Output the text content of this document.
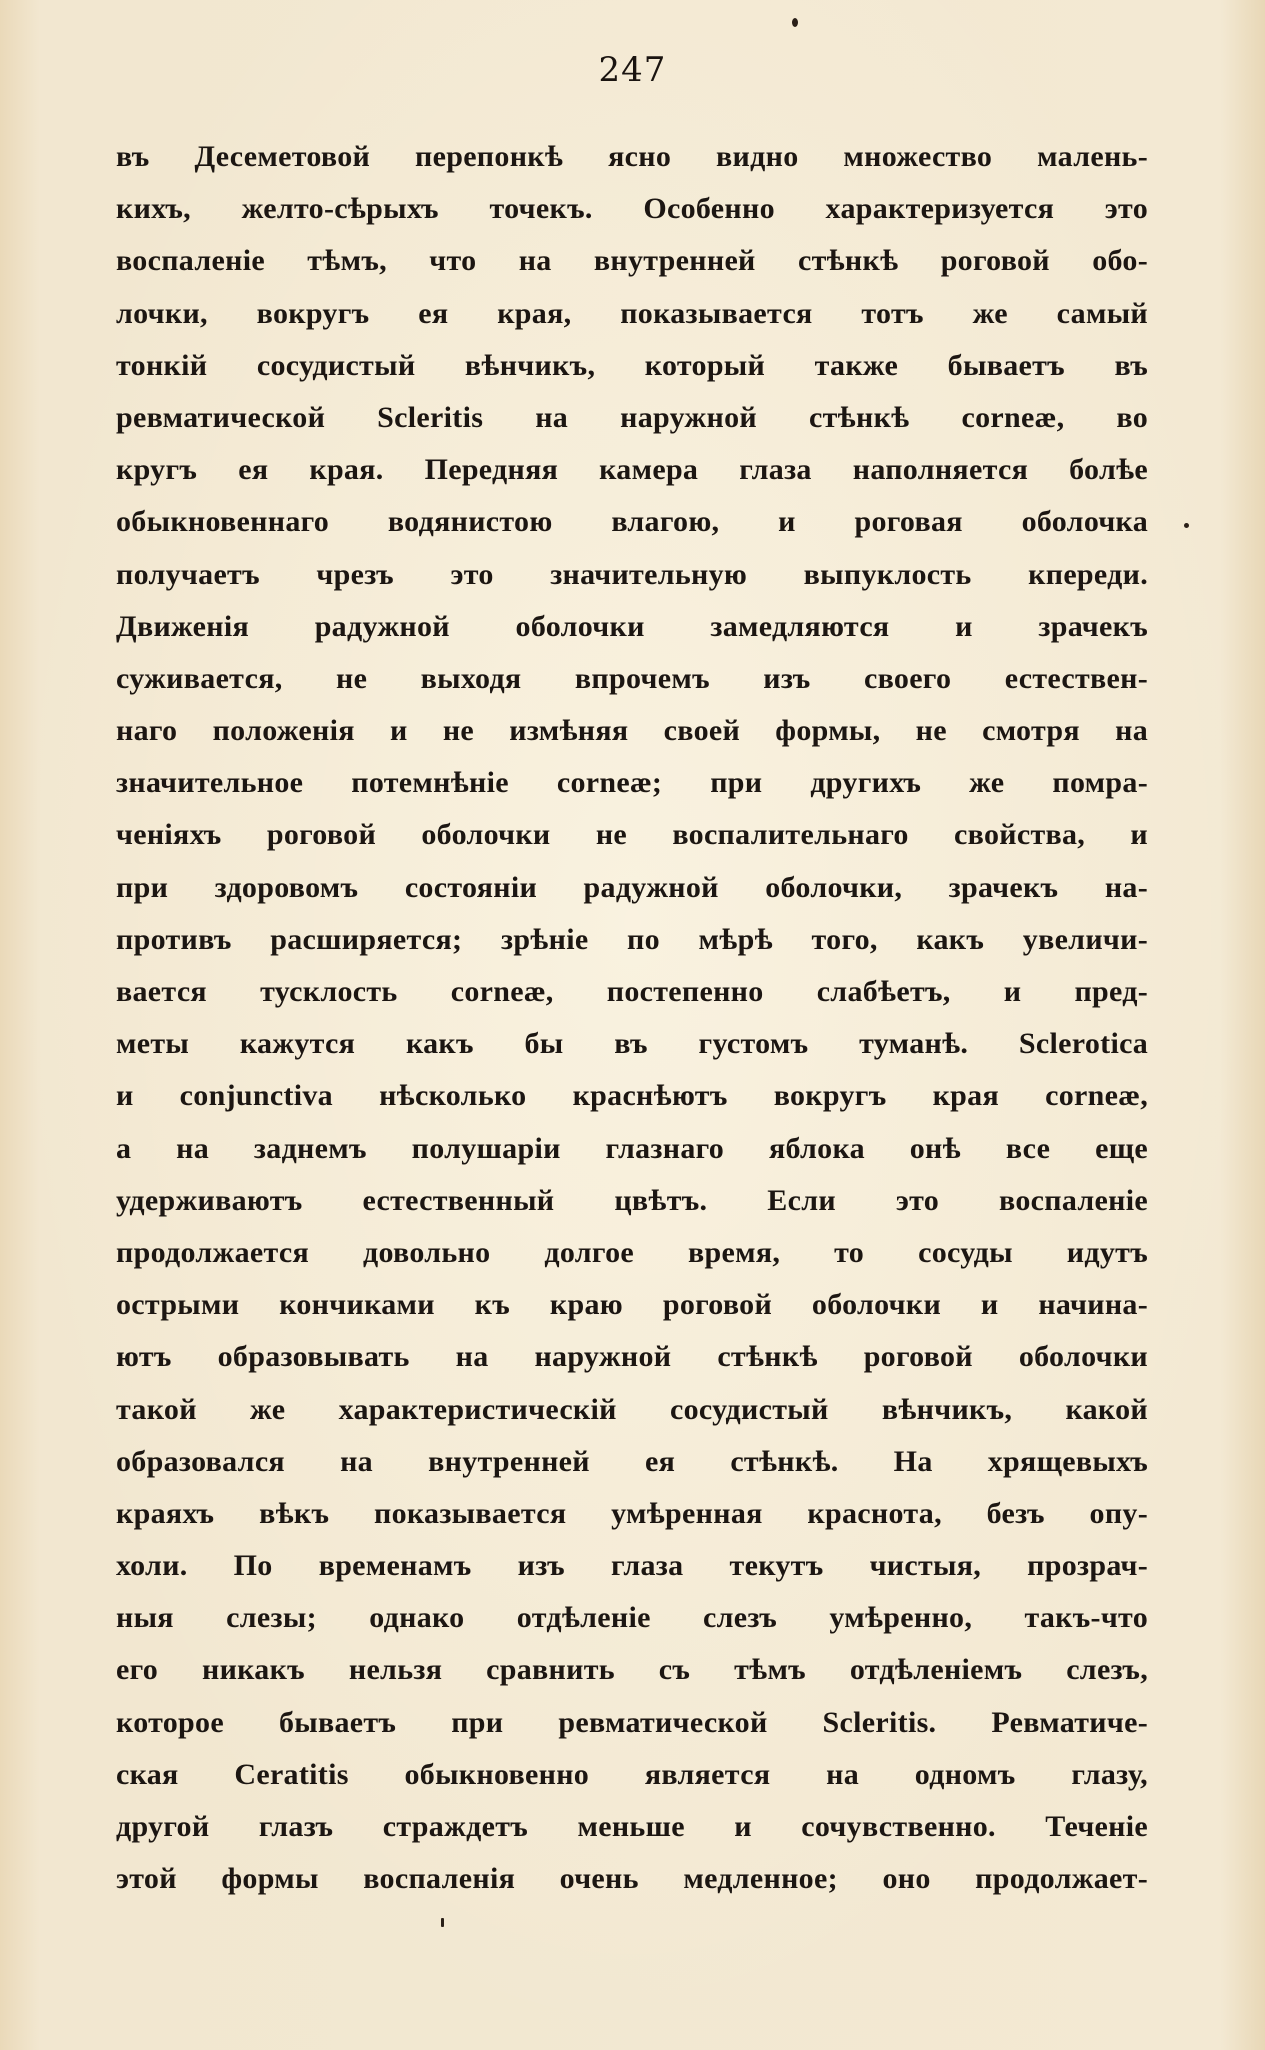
247
въ Десеметовой перепонкѣ ясно видно множество малень-
кихъ, желто-сѣрыхъ точекъ. Особенно характеризуется это
воспаленіе тѣмъ, что на внутренней стѣнкѣ роговой обо-
лочки, вокругъ ея края, показывается тотъ же самый
тонкій сосудистый вѣнчикъ, который также бываетъ въ
ревматической Scleritis на наружной стѣнкѣ corneæ, во
кругъ ея края. Передняя камера глаза наполняется болѣе
обыкновеннаго водянистою влагою, и роговая оболочка
получаетъ чрезъ это значительную выпуклость кпереди.
Движенія радужной оболочки замедляются и зрачекъ
суживается, не выходя впрочемъ изъ своего естествен-
наго положенія и не измѣняя своей формы, не смотря на
значительное потемнѣніе corneæ; при другихъ же помра-
ченіяхъ роговой оболочки не воспалительнаго свойства, и
при здоровомъ состояніи радужной оболочки, зрачекъ на-
противъ расширяется; зрѣніе по мѣрѣ того, какъ увеличи-
вается тусклость corneæ, постепенно слабѣетъ, и пред-
меты кажутся какъ бы въ густомъ туманѣ. Sclerotica
и conjunctiva нѣсколько краснѣютъ вокругъ края corneæ,
а на заднемъ полушаріи глазнаго яблока онѣ все еще
удерживаютъ естественный цвѣтъ. Если это воспаленіе
продолжается довольно долгое время, то сосуды идутъ
острыми кончиками къ краю роговой оболочки и начина-
ютъ образовывать на наружной стѣнкѣ роговой оболочки
такой же характеристическій сосудистый вѣнчикъ, какой
образовался на внутренней ея стѣнкѣ. На хрящевыхъ
краяхъ вѣкъ показывается умѣренная краснота, безъ опу-
холи. По временамъ изъ глаза текутъ чистыя, прозрач-
ныя слезы; однако отдѣленіе слезъ умѣренно, такъ-что
его никакъ нельзя сравнить съ тѣмъ отдѣленіемъ слезъ,
которое бываетъ при ревматической Scleritis. Ревматиче-
ская Ceratitis обыкновенно является на одномъ глазу,
другой глазъ страждетъ меньше и сочувственно. Теченіе
этой формы воспаленія очень медленное; оно продолжает-
